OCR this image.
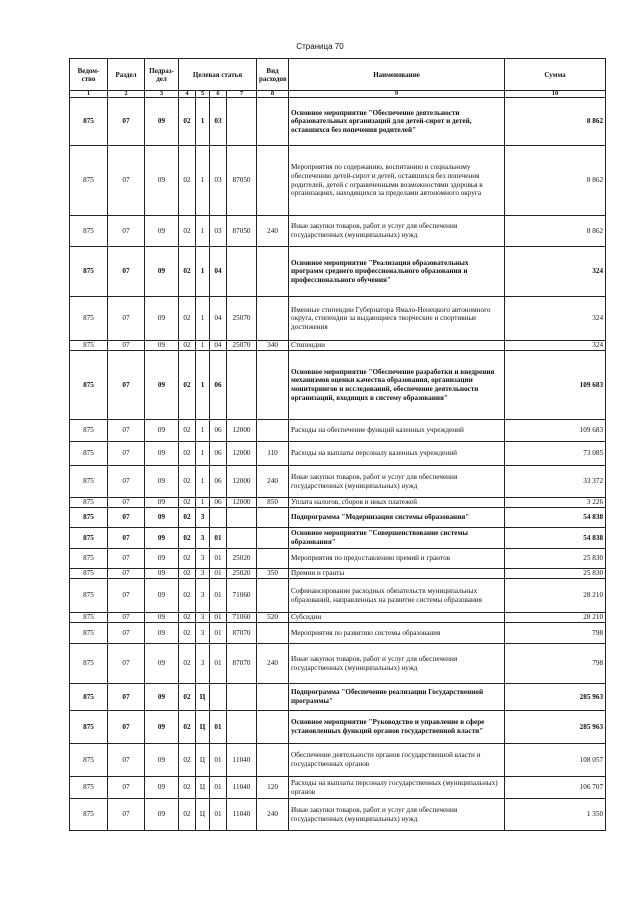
Страница 70
Ведом-ство	Раздел	Подраз-дел	Целевая статья				Вид расходов	Наименование	Сумма
1	2	3	4	5	6	7	8	9	10
875	07	09	02	1	03			Основное мероприятие "Обеспечение деятельности образовательных организаций для детей-сирот и детей, оставшихся без попечения родителей"	8 862
875	07	09	02	1	03	87050		Мероприятия по содержанию, воспитанию и социальному обеспечению детей-сирот и детей, оставшихся без попечения родителей, детей с ограниченными возможностями здоровья в организациях, находящихся за пределами автономного округа	8 862
875	07	09	02	1	03	87050	240	Иные закупки товаров, работ и услуг для обеспечения государственных (муниципальных) нужд	8 862
875	07	09	02	1	04			Основное мероприятие "Реализация образовательных программ среднего профессионального образования и профессионального обучения"	324
875	07	09	02	1	04	25070		Именные стипендии Губернатора Ямало-Ненецкого автономного округа, стипендии за выдающиеся творческие и спортивные достижения	324
875	07	09	02	1	04	25070	340	Стипендии	324
875	07	09	02	1	06			Основное мероприятие "Обеспечение разработки и внедрения механизмов оценки качества образования, организации мониторингов и исследований, обеспечение деятельности организаций, входящих в систему образования"	109 683
875	07	09	02	1	06	12000		Расходы на обеспечение функций казенных учреждений	109 683
875	07	09	02	1	06	12000	110	Расходы на выплаты персоналу казенных учреждений	73 085
875	07	09	02	1	06	12000	240	Иные закупки товаров, работ и услуг для обеспечения государственных (муниципальных) нужд	33 372
875	07	09	02	1	06	12000	850	Уплата налогов, сборов и иных платежей	3 226
875	07	09	02	3				Подпрограмма "Модернизация системы образования"	54 838
875	07	09	02	3	01			Основное мероприятие "Совершенствование системы образования"	54 838
875	07	09	02	3	01	25020		Мероприятия по предоставлению премий и грантов	25 830
875	07	09	02	3	01	25020	350	Премии и гранты	25 830
875	07	09	02	3	01	71060		Софинансирование расходных обязательств муниципальных образований, направленных на развитие системы образования	28 210
875	07	09	02	3	01	71060	520	Субсидии	28 210
875	07	09	02	3	01	87070		Мероприятия по развитию системы образования	798
875	07	09	02	3	01	87070	240	Иные закупки товаров, работ и услуг для обеспечения государственных (муниципальных) нужд	798
875	07	09	02	Ц				Подпрограмма "Обеспечение реализации Государственной программы"	285 963
875	07	09	02	Ц	01			Основное мероприятие "Руководство и управление в сфере установленных функций органов государственной власти"	285 963
875	07	09	02	Ц	01	11040		Обеспечение деятельности органов государственной власти и государственных органов	108 057
875	07	09	02	Ц	01	11040	120	Расходы на выплаты персоналу государственных (муниципальных) органов	106 707
875	07	09	02	Ц	01	11040	240	Иные закупки товаров, работ и услуг для обеспечения государственных (муниципальных) нужд	1 350
